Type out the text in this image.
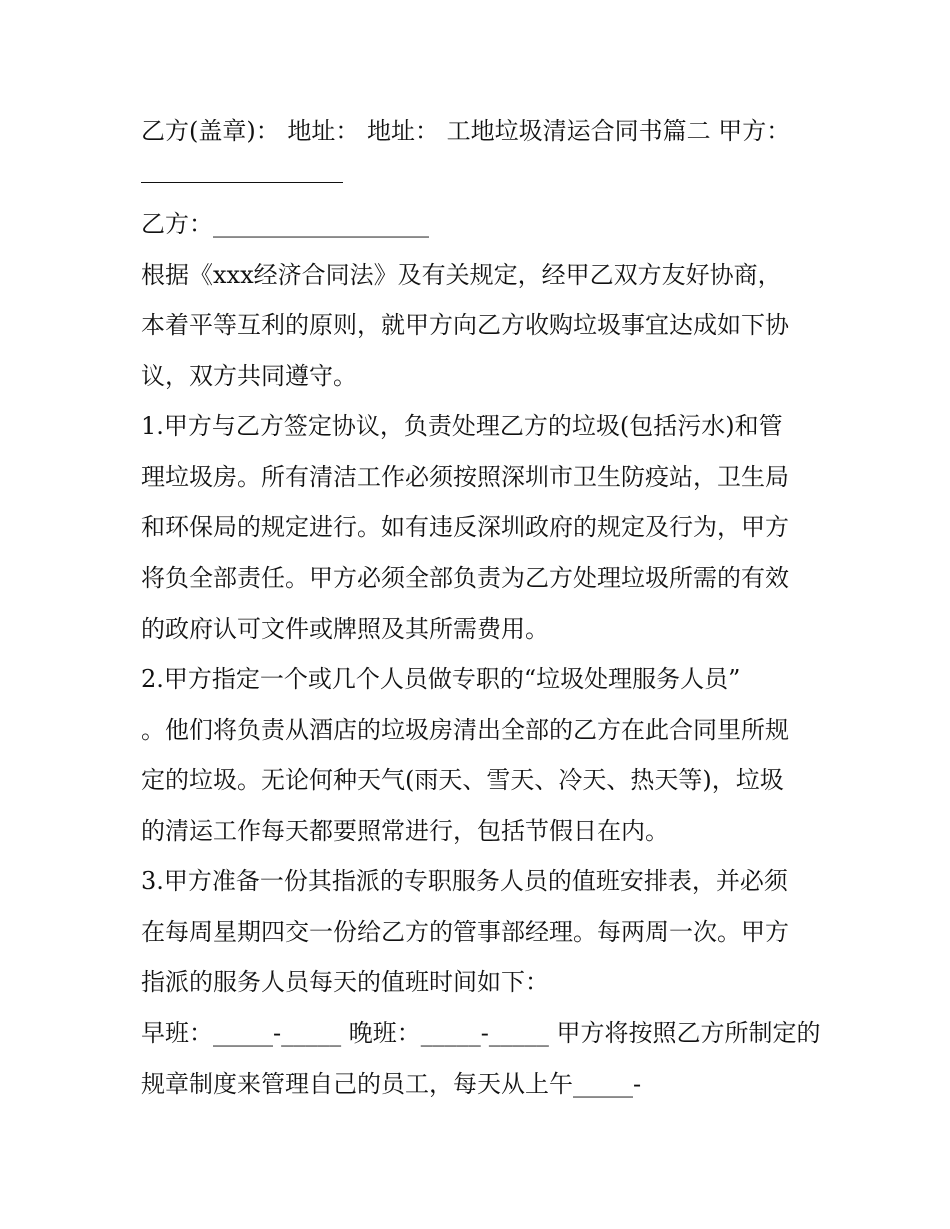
乙方(盖章)： 地址： 地址： 工地垃圾清运合同书篇二 甲方：
乙方：__________________
根据《xxx经济合同法》及有关规定，经甲乙双方友好协商，
本着平等互利的原则，就甲方向乙方收购垃圾事宜达成如下协
议，双方共同遵守。
1.甲方与乙方签定协议，负责处理乙方的垃圾(包括污水)和管
理垃圾房。所有清洁工作必须按照深圳市卫生防疫站，卫生局
和环保局的规定进行。如有违反深圳政府的规定及行为，甲方
将负全部责任。甲方必须全部负责为乙方处理垃圾所需的有效
的政府认可文件或牌照及其所需费用。
2.甲方指定一个或几个人员做专职的“垃圾处理服务人员”
。他们将负责从酒店的垃圾房清出全部的乙方在此合同里所规
定的垃圾。无论何种天气(雨天、雪天、冷天、热天等)，垃圾
的清运工作每天都要照常进行，包括节假日在内。
3.甲方准备一份其指派的专职服务人员的值班安排表，并必须
在每周星期四交一份给乙方的管事部经理。每两周一次。甲方
指派的服务人员每天的值班时间如下：
早班：_____-_____ 晚班：_____-_____ 甲方将按照乙方所制定的
规章制度来管理自己的员工，每天从上午_____-
